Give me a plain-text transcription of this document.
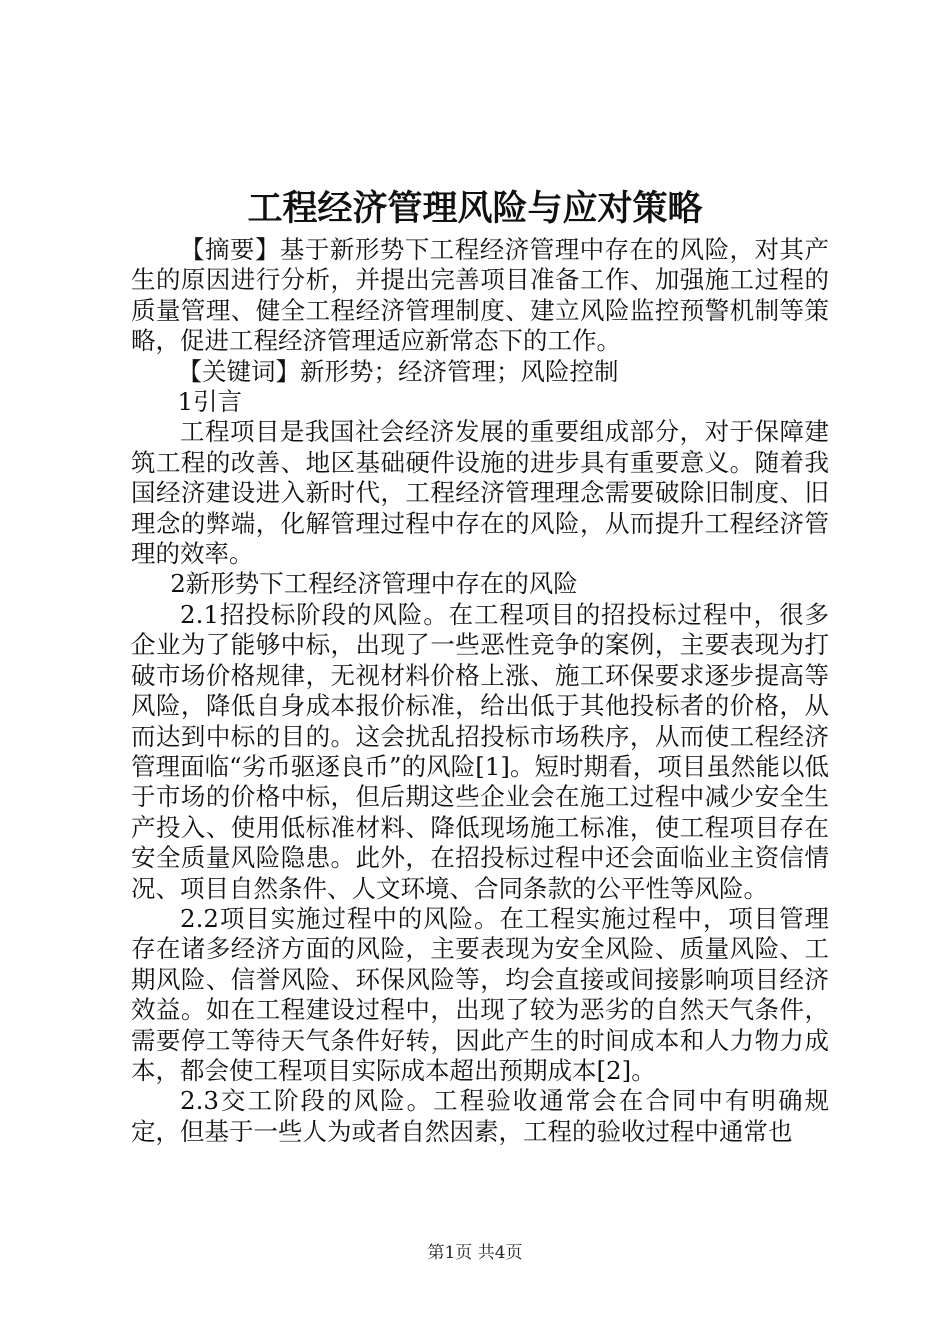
工程经济管理风险与应对策略

【摘要】基于新形势下工程经济管理中存在的风险，对其产生的原因进行分析，并提出完善项目准备工作、加强施工过程的质量管理、健全工程经济管理制度、建立风险监控预警机制等策略，促进工程经济管理适应新常态下的工作。

【关键词】新形势；经济管理；风险控制

1引言

工程项目是我国社会经济发展的重要组成部分，对于保障建筑工程的改善、地区基础硬件设施的进步具有重要意义。随着我国经济建设进入新时代，工程经济管理理念需要破除旧制度、旧理念的弊端，化解管理过程中存在的风险，从而提升工程经济管理的效率。

2新形势下工程经济管理中存在的风险

2.1招投标阶段的风险。在工程项目的招投标过程中，很多企业为了能够中标，出现了一些恶性竞争的案例，主要表现为打破市场价格规律，无视材料价格上涨、施工环保要求逐步提高等风险，降低自身成本报价标准，给出低于其他投标者的价格，从而达到中标的目的。这会扰乱招投标市场秩序，从而使工程经济管理面临“劣币驱逐良币”的风险[1]。短时期看，项目虽然能以低于市场的价格中标，但后期这些企业会在施工过程中减少安全生产投入、使用低标准材料、降低现场施工标准，使工程项目存在安全质量风险隐患。此外，在招投标过程中还会面临业主资信情况、项目自然条件、人文环境、合同条款的公平性等风险。

2.2项目实施过程中的风险。在工程实施过程中，项目管理存在诸多经济方面的风险，主要表现为安全风险、质量风险、工期风险、信誉风险、环保风险等，均会直接或间接影响项目经济效益。如在工程建设过程中，出现了较为恶劣的自然天气条件，需要停工等待天气条件好转，因此产生的时间成本和人力物力成本，都会使工程项目实际成本超出预期成本[2]。

2.3交工阶段的风险。工程验收通常会在合同中有明确规定，但基于一些人为或者自然因素，工程的验收过程中通常也

第1页 共4页
